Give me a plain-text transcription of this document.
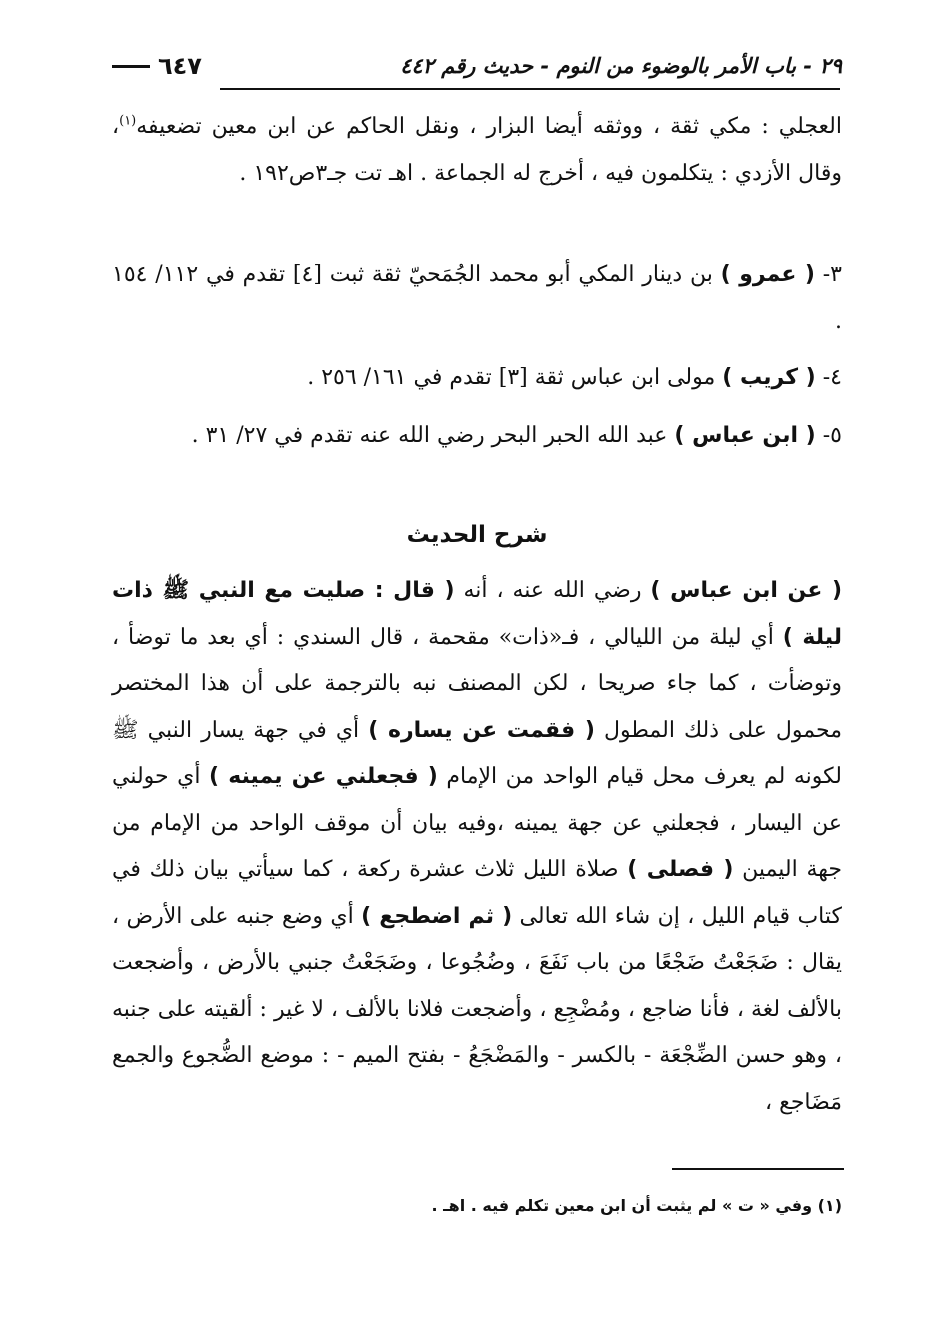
٢٩ - باب الأمر بالوضوء من النوم - حديث رقم ٤٤٢
٦٤٧
العجلي : مكي ثقة ، ووثقه أيضا البزار ، ونقل الحاكم عن ابن معين تضعيفه$^{(١)}$، وقال الأزدي : يتكلمون فيه ، أخرج له الجماعة . اهـ تت جـ٣ص١٩٢ .
٣- ( عمرو ) بن دينار المكي أبو محمد الجُمَحيّ ثقة ثبت [٤] تقدم في ١١٢/ ١٥٤ .
٤- ( كريب ) مولى ابن عباس ثقة [٣] تقدم في ١٦١/ ٢٥٦ .
٥- ( ابن عباس ) عبد الله الحبر البحر رضي الله عنه تقدم في ٢٧/ ٣١ .
شرح الحديث
( عن ابن عباس ) رضي الله عنه ، أنه ( قال : صليت مع النبي ﷺ ذات ليلة ) أي ليلة من الليالي ، فـ«ذات» مقحمة ، قال السندي : أي بعد ما توضأ ، وتوضأت ، كما جاء صريحا ، لكن المصنف نبه بالترجمة على أن هذا المختصر محمول على ذلك المطول ( فقمت عن يساره ) أي في جهة يسار النبي ﷺ لكونه لم يعرف محل قيام الواحد من الإمام ( فجعلني عن يمينه ) أي حولني عن اليسار ، فجعلني عن جهة يمينه ،وفيه بيان أن موقف الواحد من الإمام من جهة اليمين ( فصلى ) صلاة الليل ثلاث عشرة ركعة ، كما سيأتي بيان ذلك في كتاب قيام الليل ، إن شاء الله تعالى ( ثم اضطجع ) أي وضع جنبه على الأرض ، يقال : ضَجَعْتُ ضَجْعًا من باب نَفَعَ ، وضُجُوعا ، وضَجَعْتُ جنبي بالأرض ، وأضجعت بالألف لغة ، فأنا ضاجع ، ومُضْجِع ، وأضجعت فلانا بالألف ، لا غير : ألقيته على جنبه ، وهو حسن الضِّجْعَة - بالكسر - والمَضْجَعُ - بفتح الميم - : موضع الضُّجوع والجمع مَضَاجع ،
(١) وفي « ت » لم يثبت أن ابن معين تكلم فيه . اهـ .
